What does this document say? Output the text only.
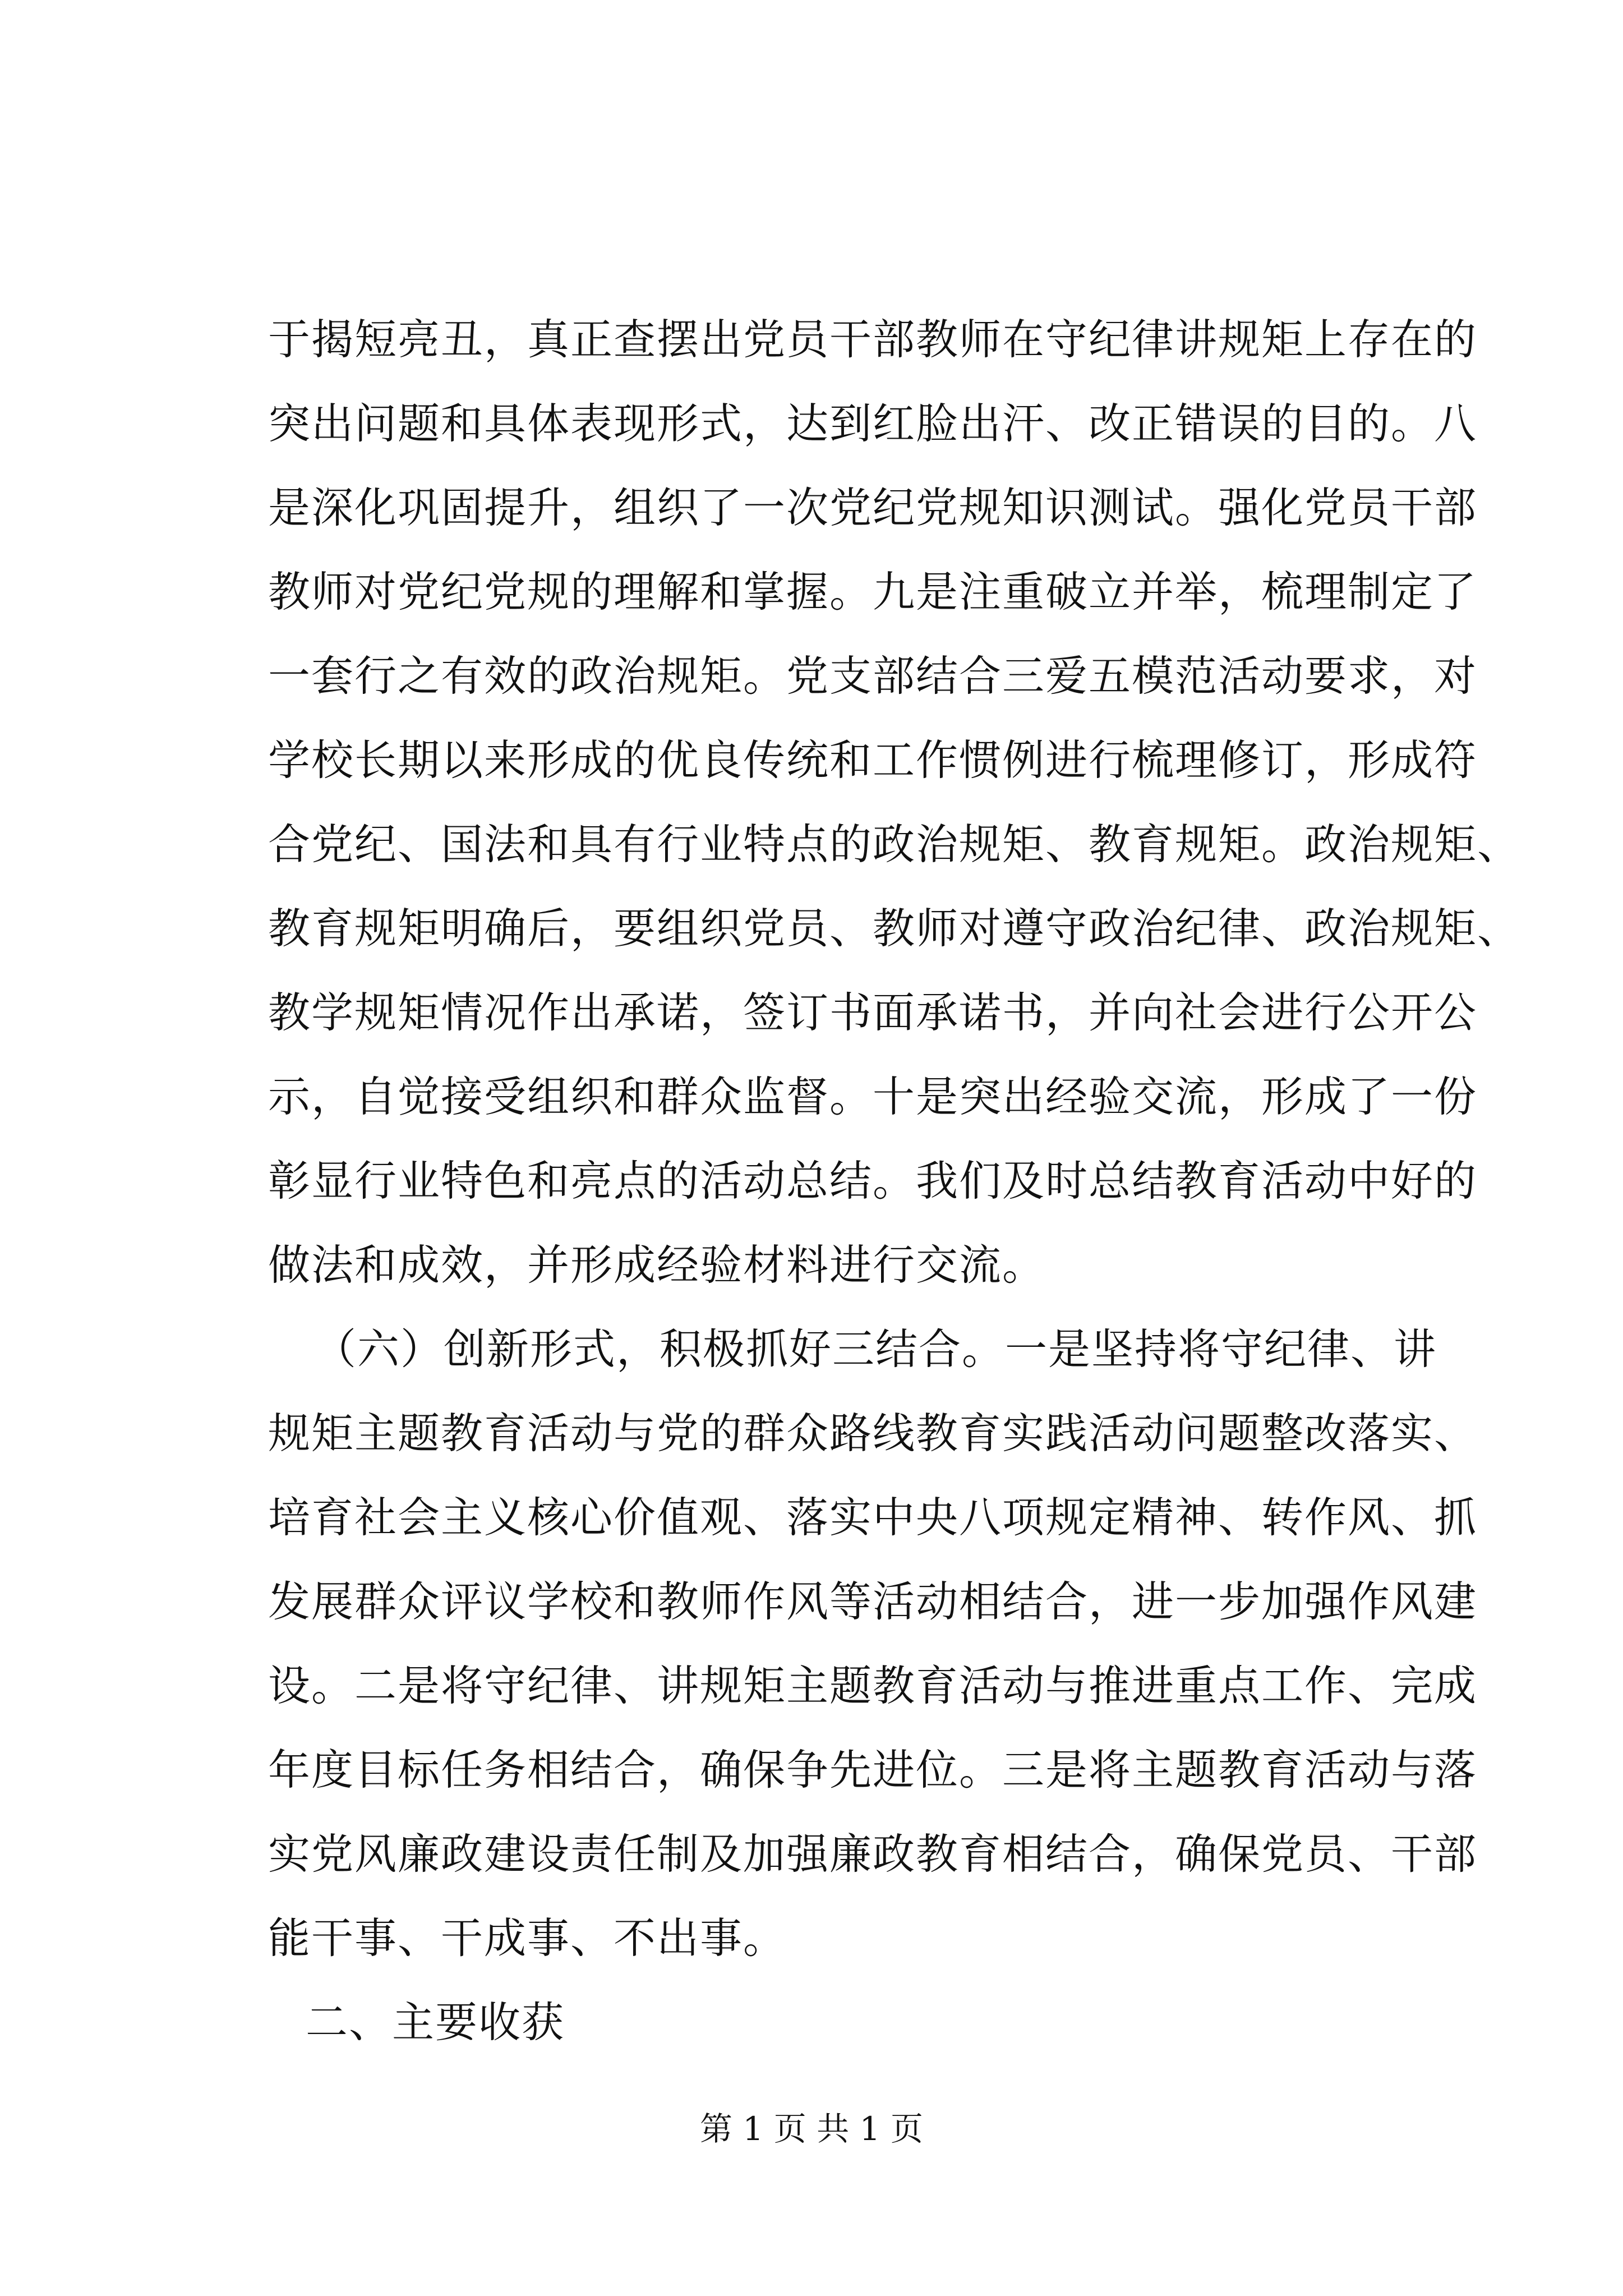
于揭短亮丑，真正查摆出党员干部教师在守纪律讲规矩上存在的
突出问题和具体表现形式，达到红脸出汗、改正错误的目的。八
是深化巩固提升，组织了一次党纪党规知识测试。强化党员干部
教师对党纪党规的理解和掌握。九是注重破立并举，梳理制定了
一套行之有效的政治规矩。党支部结合三爱五模范活动要求，对
学校长期以来形成的优良传统和工作惯例进行梳理修订，形成符
合党纪、国法和具有行业特点的政治规矩、教育规矩。政治规矩、
教育规矩明确后，要组织党员、教师对遵守政治纪律、政治规矩、
教学规矩情况作出承诺，签订书面承诺书，并向社会进行公开公
示，自觉接受组织和群众监督。十是突出经验交流，形成了一份
彰显行业特色和亮点的活动总结。我们及时总结教育活动中好的
做法和成效，并形成经验材料进行交流。
（六）创新形式，积极抓好三结合。一是坚持将守纪律、讲
规矩主题教育活动与党的群众路线教育实践活动问题整改落实、
培育社会主义核心价值观、落实中央八项规定精神、转作风、抓
发展群众评议学校和教师作风等活动相结合，进一步加强作风建
设。二是将守纪律、讲规矩主题教育活动与推进重点工作、完成
年度目标任务相结合，确保争先进位。三是将主题教育活动与落
实党风廉政建设责任制及加强廉政教育相结合，确保党员、干部
能干事、干成事、不出事。
二、主要收获
第 1 页 共 1 页
